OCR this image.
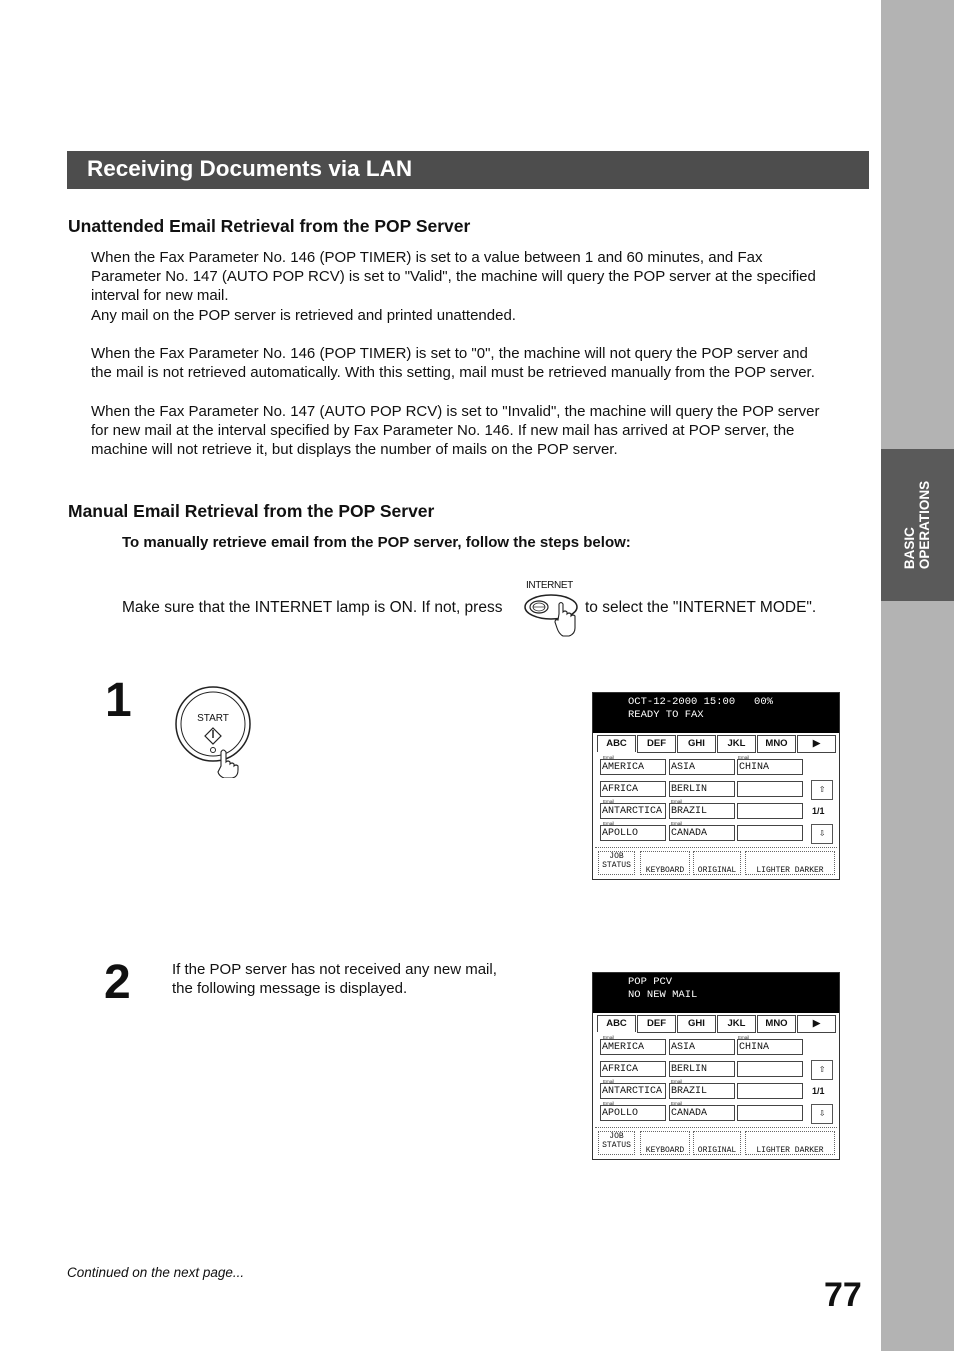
BASIC OPERATIONS
Receiving Documents via LAN
Unattended Email Retrieval from the POP Server

When the Fax Parameter No. 146 (POP TIMER) is set to a value between 1 and 60 minutes, and Fax
Parameter No. 147 (AUTO POP RCV) is set to "Valid", the machine will query the POP server at the specified
interval for new mail.
Any mail on the POP server is retrieved and printed unattended.

When the Fax Parameter No. 146 (POP TIMER) is set to "0", the machine will not query the POP server and
the mail is not retrieved automatically. With this setting, mail must be retrieved manually from the POP server.

When the Fax Parameter No. 147 (AUTO POP RCV) is set to "Invalid", the machine will query the POP server
for new mail at the interval specified by Fax Parameter No. 146. If new mail has arrived at POP server, the
machine will not retrieve it, but displays the number of mails on the POP server.

Manual Email Retrieval from the POP Server
To manually retrieve email from the POP server, follow the steps below:
INTERNET
Make sure that the INTERNET lamp is ON. If not, press	to select the "INTERNET MODE".
1	START
2	If the POP server has not received any new mail,
the following message is displayed.
OCT-12-2000 15:00   00%
READY TO FAX
ABC	DEF	GHI	JKL	MNO	▶
Email	Email
AMERICA	ASIA	CHINA
AFRICA	BERLIN
Email	Email
ANTARCTICA BRAZIL
Email	Email
APOLLO	CANADA
⇧
1/1
⇩
JOB
STATUS
KEYBOARD	ORIGINAL	LIGHTER DARKER
POP PCV
NO NEW MAIL
ABC	DEF	GHI	JKL	MNO	▶
Email	Email
AMERICA	ASIA	CHINA
AFRICA	BERLIN
Email	Email
ANTARCTICA BRAZIL
Email	Email
APOLLO	CANADA
⇧
1/1
⇩
JOB
STATUS
KEYBOARD	ORIGINAL	LIGHTER DARKER
Continued on the next page...
77
